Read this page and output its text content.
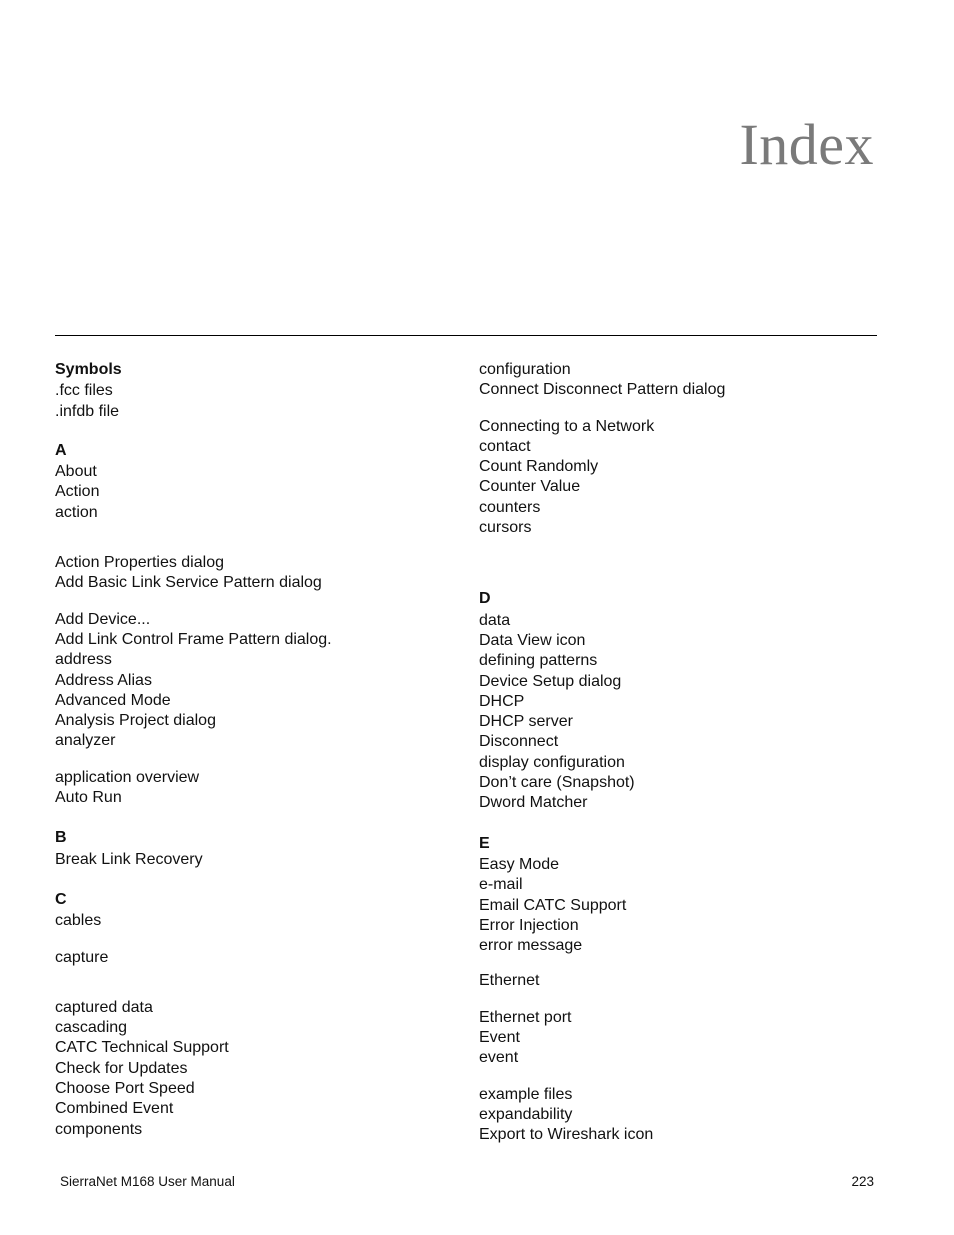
Index
Symbols
.fcc files
.infdb file
A
About
Action
action
Action Properties dialog
Add Basic Link Service Pattern dialog
Add Device...
Add Link Control Frame Pattern dialog.
address
Address Alias
Advanced Mode
Analysis Project dialog
analyzer
application overview
Auto Run
B
Break Link Recovery
C
cables
capture
captured data
cascading
CATC Technical Support
Check for Updates
Choose Port Speed
Combined Event
components
configuration
Connect Disconnect Pattern dialog
Connecting to a Network
contact
Count Randomly
Counter Value
counters
cursors
D
data
Data View icon
defining patterns
Device Setup dialog
DHCP
DHCP server
Disconnect
display configuration
Don’t care (Snapshot)
Dword Matcher
E
Easy Mode
e-mail
Email CATC Support
Error Injection
error message
Ethernet
Ethernet port
Event
event
example files
expandability
Export to Wireshark icon
SierraNet M168 User Manual	223
